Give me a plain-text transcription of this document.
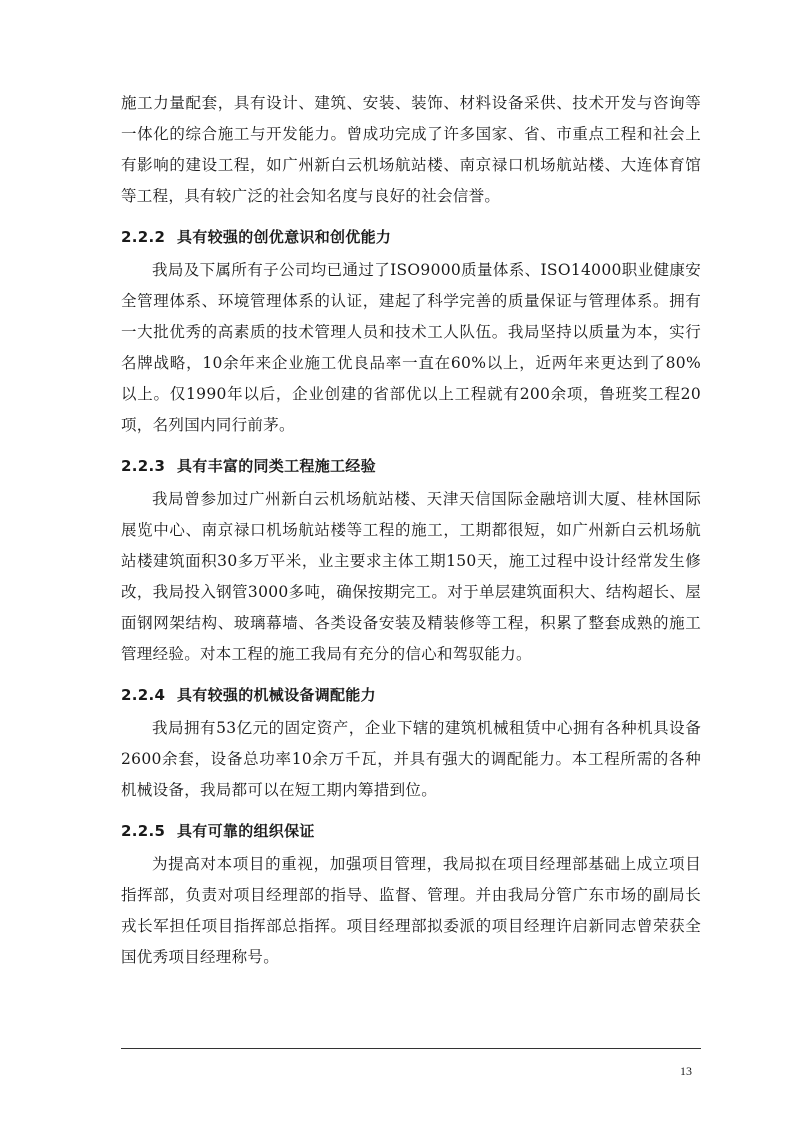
施工力量配套，具有设计、建筑、安装、装饰、材料设备采供、技术开发与咨询等一体化的综合施工与开发能力。曾成功完成了许多国家、省、市重点工程和社会上有影响的建设工程，如广州新白云机场航站楼、南京禄口机场航站楼、大连体育馆等工程，具有较广泛的社会知名度与良好的社会信誉。

2.2.2 具有较强的创优意识和创优能力

我局及下属所有子公司均已通过了ISO9000质量体系、ISO14000职业健康安全管理体系、环境管理体系的认证，建起了科学完善的质量保证与管理体系。拥有一大批优秀的高素质的技术管理人员和技术工人队伍。我局坚持以质量为本，实行名牌战略，10余年来企业施工优良品率一直在60%以上，近两年来更达到了80%以上。仅1990年以后，企业创建的省部优以上工程就有200余项，鲁班奖工程20项，名列国内同行前茅。

2.2.3 具有丰富的同类工程施工经验

我局曾参加过广州新白云机场航站楼、天津天信国际金融培训大厦、桂林国际展览中心、南京禄口机场航站楼等工程的施工，工期都很短，如广州新白云机场航站楼建筑面积30多万平米，业主要求主体工期150天，施工过程中设计经常发生修改，我局投入钢管3000多吨，确保按期完工。对于单层建筑面积大、结构超长、屋面钢网架结构、玻璃幕墙、各类设备安装及精装修等工程，积累了整套成熟的施工管理经验。对本工程的施工我局有充分的信心和驾驭能力。

2.2.4 具有较强的机械设备调配能力

我局拥有53亿元的固定资产，企业下辖的建筑机械租赁中心拥有各种机具设备2600余套，设备总功率10余万千瓦，并具有强大的调配能力。本工程所需的各种机械设备，我局都可以在短工期内筹措到位。

2.2.5 具有可靠的组织保证

为提高对本项目的重视，加强项目管理，我局拟在项目经理部基础上成立项目指挥部，负责对项目经理部的指导、监督、管理。并由我局分管广东市场的副局长戎长军担任项目指挥部总指挥。项目经理部拟委派的项目经理许启新同志曾荣获全国优秀项目经理称号。

13
